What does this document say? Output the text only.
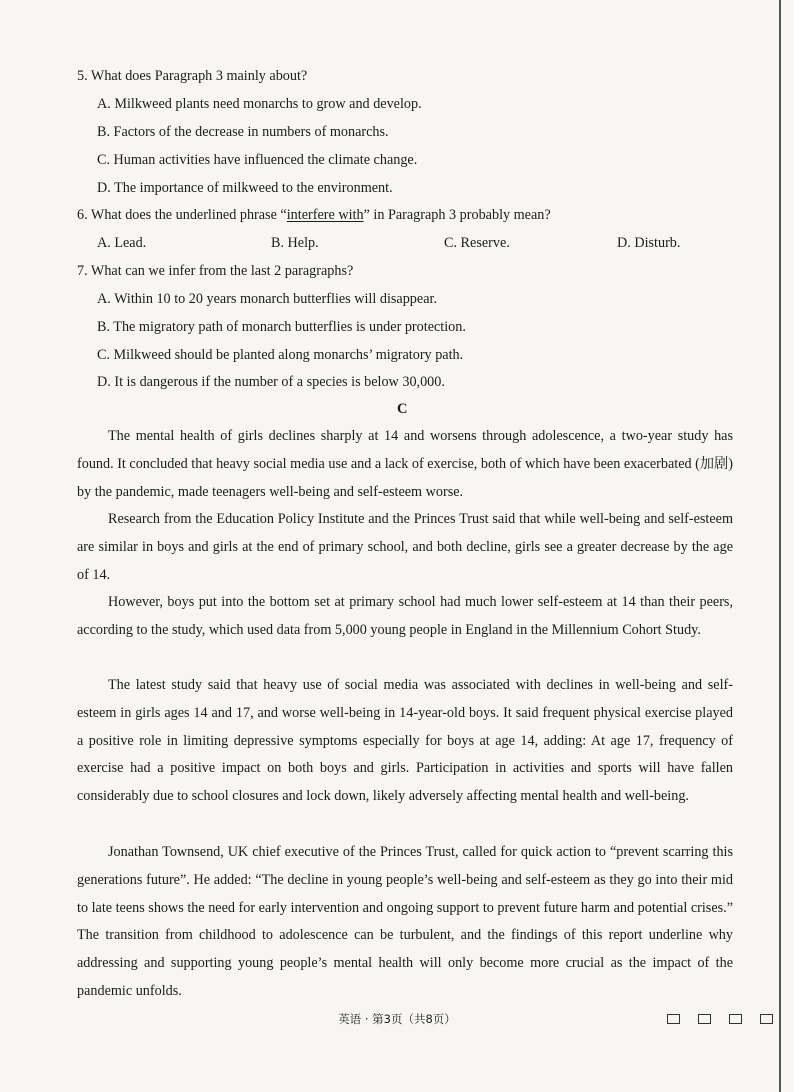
5. What does Paragraph 3 mainly about?
A. Milkweed plants need monarchs to grow and develop.
B. Factors of the decrease in numbers of monarchs.
C. Human activities have influenced the climate change.
D. The importance of milkweed to the environment.
6. What does the underlined phrase “interfere with” in Paragraph 3 probably mean?
A. Lead.	B. Help.	C. Reserve.	D. Disturb.
7. What can we infer from the last 2 paragraphs?
A. Within 10 to 20 years monarch butterflies will disappear.
B. The migratory path of monarch butterflies is under protection.
C. Milkweed should be planted along monarchs’ migratory path.
D. It is dangerous if the number of a species is below 30,000.
C

The mental health of girls declines sharply at 14 and worsens through adolescence, a two-year study has found. It concluded that heavy social media use and a lack of exercise, both of which have been exacerbated (加剧) by the pandemic, made teenagers well-being and self-esteem worse.

Research from the Education Policy Institute and the Princes Trust said that while well-being and self-esteem are similar in boys and girls at the end of primary school, and both decline, girls see a greater decrease by the age of 14.

However, boys put into the bottom set at primary school had much lower self-esteem at 14 than their peers, according to the study, which used data from 5,000 young people in England in the Millennium Cohort Study.

The latest study said that heavy use of social media was associated with declines in well-being and self-esteem in girls ages 14 and 17, and worse well-being in 14-year-old boys. It said frequent physical exercise played a positive role in limiting depressive symptoms especially for boys at age 14, adding: At age 17, frequency of exercise had a positive impact on both boys and girls. Participation in activities and sports will have fallen considerably due to school closures and lock down, likely adversely affecting mental health and well-being.

Jonathan Townsend, UK chief executive of the Princes Trust, called for quick action to “prevent scarring this generations future”. He added: “The decline in young people’s well-being and self-esteem as they go into their mid to late teens shows the need for early intervention and ongoing support to prevent future harm and potential crises.” The transition from childhood to adolescence can be turbulent, and the findings of this report underline why addressing and supporting young people’s mental health will only become more crucial as the impact of the pandemic unfolds.

英语 · 第3页（共8页）
